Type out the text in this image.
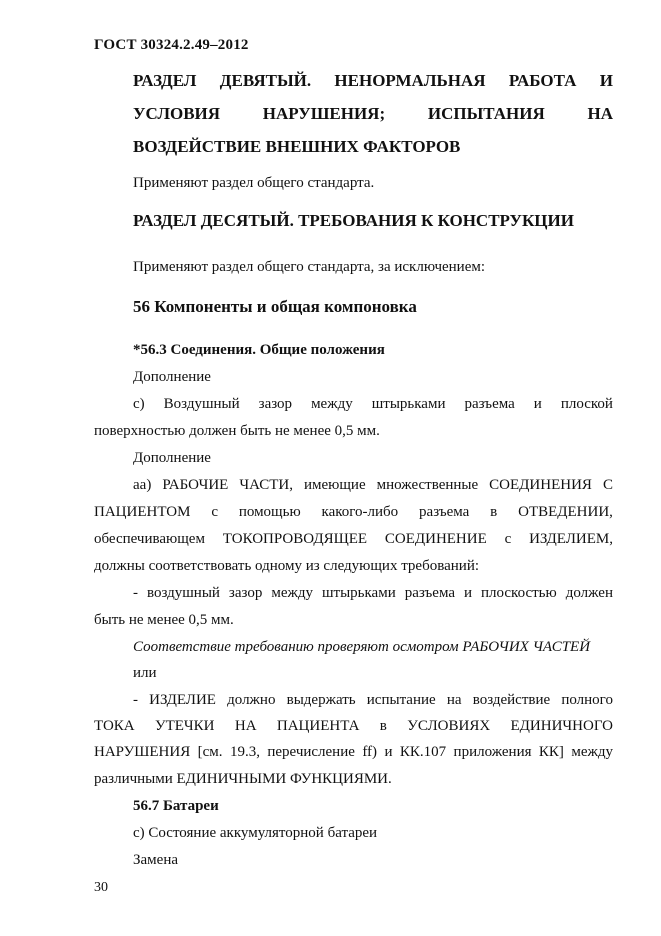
ГОСТ 30324.2.49–2012
РАЗДЕЛ ДЕВЯТЫЙ. НЕНОРМАЛЬНАЯ РАБОТА И
УСЛОВИЯ	НАРУШЕНИЯ;	ИСПЫТАНИЯ	НА
ВОЗДЕЙСТВИЕ ВНЕШНИХ ФАКТОРОВ
Применяют раздел общего стандарта.
РАЗДЕЛ ДЕСЯТЫЙ. ТРЕБОВАНИЯ К КОНСТРУКЦИИ
Применяют раздел общего стандарта, за исключением:
56 Компоненты и общая компоновка
*56.3 Соединения. Общие положения
Дополнение
с) Воздушный зазор между штырьками разъема и плоской
поверхностью должен быть не менее 0,5 мм.
Дополнение
аа) РАБОЧИЕ ЧАСТИ, имеющие множественные СОЕДИНЕНИЯ С
ПАЦИЕНТОМ с помощью какого-либо разъема в ОТВЕДЕНИИ,
обеспечивающем ТОКОПРОВОДЯЩЕЕ СОЕДИНЕНИЕ с ИЗДЕЛИЕМ,
должны соответствовать одному из следующих требований:
- воздушный зазор между штырьками разъема и плоскостью должен
быть не менее 0,5 мм.
Соответствие требованию проверяют осмотром РАБОЧИХ ЧАСТЕЙ
или
- ИЗДЕЛИЕ должно выдержать испытание на воздействие полного
ТОКА УТЕЧКИ НА ПАЦИЕНТА в УСЛОВИЯХ ЕДИНИЧНОГО
НАРУШЕНИЯ [см. 19.3, перечисление ff) и КК.107 приложения КК] между
различными ЕДИНИЧНЫМИ ФУНКЦИЯМИ.
56.7 Батареи
с) Состояние аккумуляторной батареи
Замена
30
